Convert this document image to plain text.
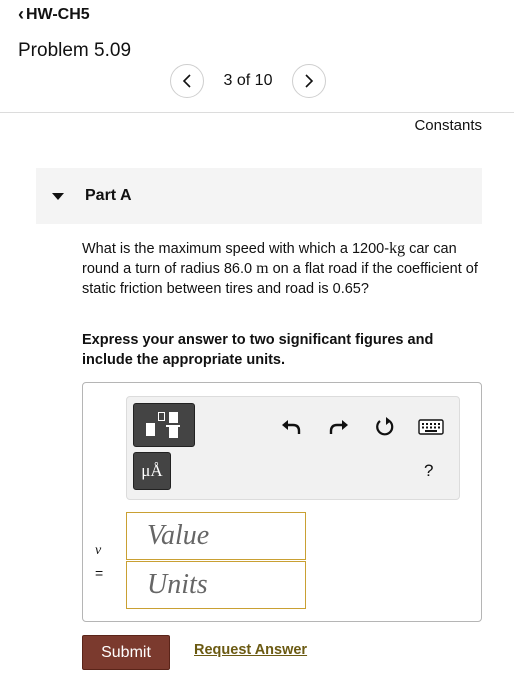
‹ HW-CH5
Problem 5.09
3 of 10
Constants
Part A
What is the maximum speed with which a 1200-kg car can round a turn of radius 86.0 m on a flat road if the coefficient of static friction between tires and road is 0.65?
Express your answer to two significant figures and include the appropriate units.
μÅ	?
v
=
Value
Units
Submit	Request Answer
